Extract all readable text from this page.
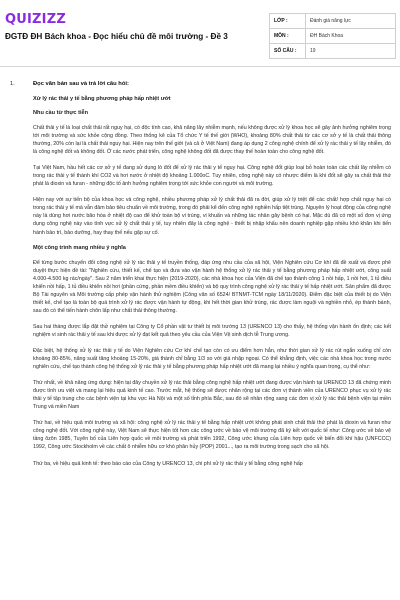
QUIZIZZ
ĐGTĐ ĐH Bách khoa - Đọc hiểu chủ đề môi trường - Đề 3
LỚP :	Đánh giá năng lực
MÔN :	ĐH Bách Khoa
SỐ CÂU :	19
1.	Đọc văn bản sau và trả lời câu hỏi:
Xử lý rác thải y tế bằng phương pháp hấp nhiệt ướt
Nhu cầu từ thực tiễn

Chất thải y tế là loại chất thải rất nguy hại, có độc tính cao, khả năng lây nhiễm mạnh, nếu không được xử lý khoa học sẽ gây ảnh hưởng nghiêm trọng tới môi trường và sức khỏe cộng đồng. Theo thống kê của Tổ chức Y tế thế giới (WHO), khoảng 80% chất thải từ các cơ sở y tế là chất thải thông thường, 20% còn lại là chất thải nguy hại. Hiện nay trên thế giới (và cả ở Việt Nam) đang áp dụng 2 công nghệ chính để xử lý rác thải y tế lây nhiễm, đó là công nghệ đốt và không đốt. Ở các nước phát triển, công nghệ không đốt đã được thay thế hoàn toàn cho công nghệ đốt.

Tại Việt Nam, hầu hết các cơ sở y tế đang sử dụng lò đốt để xử lý rác thải y tế nguy hại. Công nghệ đốt giúp loại bỏ hoàn toàn các chất lây nhiễm có trong rác thải y tế thành khí CO2 và hơi nước ở nhiệt độ khoảng 1.000oC. Tuy nhiên, công nghệ này có nhược điểm là khi đốt sẽ gây ra chất thải thứ phát là dioxin và furan - những độc tố ảnh hưởng nghiêm trọng tới sức khỏe con người và môi trường.

Hiện nay với sự tiến bộ của khoa học và công nghệ, nhiều phương pháp xử lý chất thải đã ra đời, giúp xử lý triệt để các chất/ hợp chất nguy hại có trong rác thải y tế mà vẫn đảm bảo tiêu chuẩn về môi trường, trong đó phải kể đến công nghệ nghiền hấp tiệt trùng. Nguyên lý hoạt động của công nghệ này là dùng hơi nước bão hòa ở nhiệt độ cao để khử toàn bộ vi trùng, vi khuẩn và những tác nhân gây bệnh có hại. Mặc dù đã có một số đơn vị ứng dụng công nghệ này vào tình vực xử lý chất thải y tế, tuy nhiên đây là công nghệ - thiết bị nhập khẩu nên doanh nghiệp gặp nhiều khó khăn khi tiến hành bảo trì, bảo dưỡng, hay thay thế nếu gặp sự cố.

Một công trình mang nhiều ý nghĩa

Để từng bước chuyển đổi công nghệ xử lý rác thải y tế truyền thống, đáp ứng nhu cầu của xã hội, Viện Nghiên cứu Cơ khí đã đề xuất và được phê duyệt thực hiện đề tài: "Nghiên cứu, thiết kế, chế tạo và đưa vào vận hành hệ thống xử lý rác thải y tế bằng phương pháp hấp nhiệt ướt, công suất 4.000-4.500 kg rác/ngày". Sau 2 năm triển khai thực hiện (2019-2020), các nhà khoa học của Viện đã chế tạo thành công 1 nồi hấp, 1 nồi hơi, 1 tủ điều khiển nồi hấp, 1 tủ điều khiển nồi hơi (phần cứng, phần mềm điều khiển) và bộ quy trình công nghệ xử lý rác thải y tế hấp nhiệt ướt. Sản phẩm đã được Bộ Tài nguyên và Môi trường cấp phép vận hành thử nghiệm (Công văn số 6524/ BTNMT-TCM ngày 18/11/2020). Điểm đặc biệt của thiết bị do Viện thiết kế, chế tạo là toàn bộ quá trình xử lý rác được vận hành tự động, khi hết thời gian khử trùng, rác được làm nguội và nghiền nhỏ, ép thành bánh, sau đó có thể tiến hành chôn lấp như chất thải thông thường.

Sau hai tháng được lắp đặt thử nghiệm tại Công ty Cổ phần vật tư thiết bị môi trường 13 (URENCO 13) cho thấy, hệ thống vận hành ổn định; các kết nghiệm vi sinh rác thải y tế sau khi được xử lý đạt kết quả theo yêu cầu của Viện Vệ sinh dịch tễ Trung ương.

Đặc biệt, hệ thống xử lý rác thải y tế do Viện Nghiên cứu Cơ khí chế tạo còn có ưu điểm hơn hẳn, như thời gian xử lý rác rút ngắn xuống chỉ còn khoảng 80-85%, năng suất tăng khoảng 15-20%, giá thành chỉ bằng 1/3 so với giá nhập ngoại. Có thể khẳng định, việc các nhà khoa học trong nước nghiên cứu, chế tạo thành công hệ thống xử lý rác thải y tế bằng phương pháp hấp nhiệt ướt đã mang lại nhiều ý nghĩa quan trọng, cụ thể như:

Thứ nhất, về khả năng ứng dụng: hiện tại đây chuyền xử lý rác thải bằng công nghệ hấp nhiệt ướt đang được vận hành tại URENCO 13 đã chứng minh được tính ưu việt và mang lại hiệu quả kinh tế cao. Trước mắt, hệ thống sẽ được nhân rộng tại các đơn vị thành viên của URENCO phục vụ xử lý rác thải y tế tập trung cho các bệnh viện tại khu vực Hà Nội và một số tỉnh phía Bắc, sau đó sẽ nhân rộng sang các đơn vị xử lý rác thải bệnh viện tại miền Trung và miền Nam

Thứ hai, về hiệu quả môi trường và xã hội: công nghệ xử lý rác thải y tế bằng hấp nhiệt ướt không phát sinh chất thải thứ phát là dioxin và furan như công nghệ đốt. Với công nghệ này, Việt Nam sẽ thực hiện tốt hơn các công ước về bảo vệ môi trường đã ký kết với quốc tế như: Công ước về bảo vệ tầng ôzôn 1985, Tuyên bố của Liên hợp quốc về môi trường và phát triển 1992, Công ước khung của Liên hợp quốc về biến đổi khí hậu (UNFCCC) 1992, Công ước Stockholm về các chất ô nhiễm hữu cơ khó phân hủy (POP) 2001..., tạo ra môi trường trong sạch cho xã hội.

Thứ ba, về hiệu quả kinh tế: theo báo cáo của Công ty URENCO 13, chi phí xử lý rác thải y tế bằng công nghệ hấp
